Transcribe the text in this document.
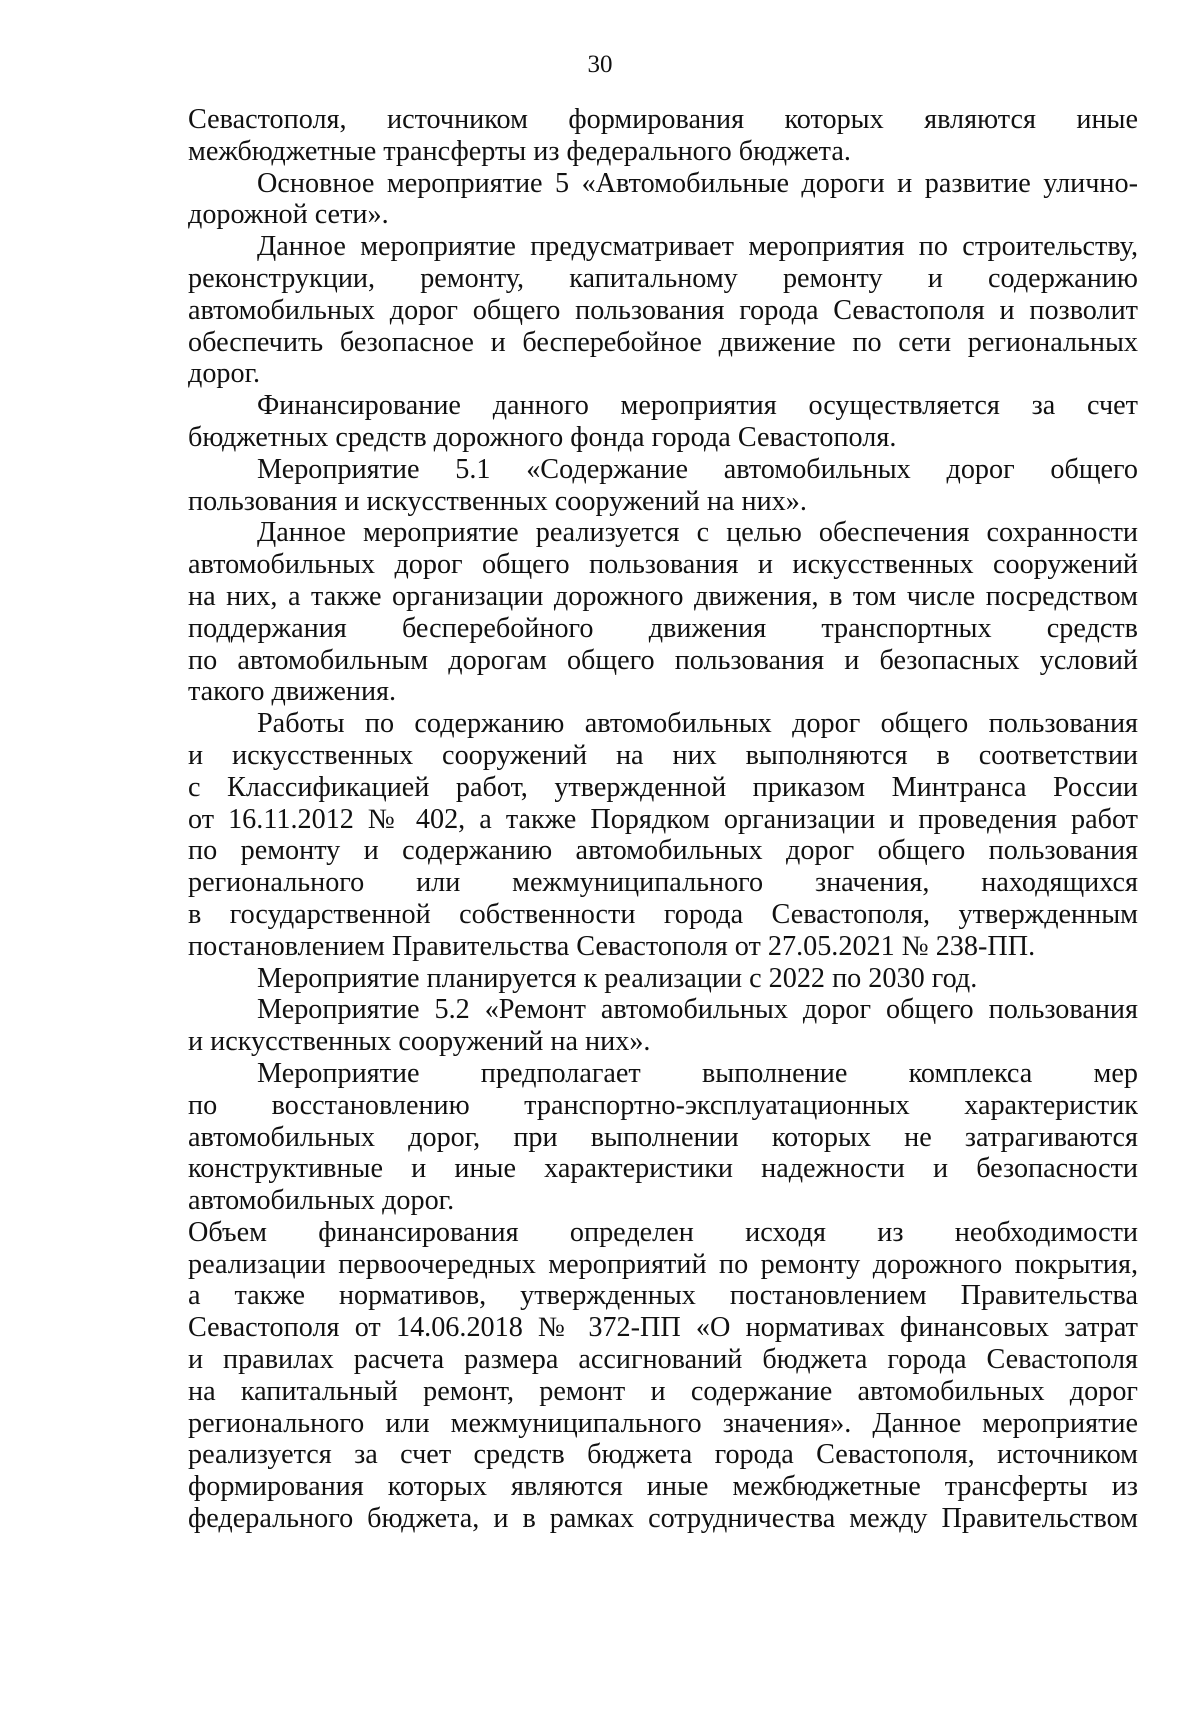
30
Севастополя, источником формирования которых являются иные
межбюджетные трансферты из федерального бюджета.
Основное мероприятие 5 «Автомобильные дороги и развитие улично-
дорожной сети».
Данное мероприятие предусматривает мероприятия по строительству,
реконструкции, ремонту, капитальному ремонту и содержанию
автомобильных дорог общего пользования города Севастополя и позволит
обеспечить безопасное и бесперебойное движение по сети региональных
дорог.
Финансирование данного мероприятия осуществляется за счет
бюджетных средств дорожного фонда города Севастополя.
Мероприятие 5.1 «Содержание автомобильных дорог общего
пользования и искусственных сооружений на них».
Данное мероприятие реализуется с целью обеспечения сохранности
автомобильных дорог общего пользования и искусственных сооружений
на них, а также организации дорожного движения, в том числе посредством
поддержания бесперебойного движения транспортных средств
по автомобильным дорогам общего пользования и безопасных условий
такого движения.
Работы по содержанию автомобильных дорог общего пользования
и искусственных сооружений на них выполняются в соответствии
с Классификацией работ, утвержденной приказом Минтранса России
от 16.11.2012 № 402, а также Порядком организации и проведения работ
по ремонту и содержанию автомобильных дорог общего пользования
регионального или межмуниципального значения, находящихся
в государственной собственности города Севастополя, утвержденным
постановлением Правительства Севастополя от 27.05.2021 № 238-ПП.
Мероприятие планируется к реализации с 2022 по 2030 год.
Мероприятие 5.2 «Ремонт автомобильных дорог общего пользования
и искусственных сооружений на них».
Мероприятие предполагает выполнение комплекса мер
по восстановлению транспортно-эксплуатационных характеристик
автомобильных дорог, при выполнении которых не затрагиваются
конструктивные и иные характеристики надежности и безопасности
автомобильных дорог.
Объем финансирования определен исходя из необходимости
реализации первоочередных мероприятий по ремонту дорожного покрытия,
а также нормативов, утвержденных постановлением Правительства
Севастополя от 14.06.2018 № 372-ПП «О нормативах финансовых затрат
и правилах расчета размера ассигнований бюджета города Севастополя
на капитальный ремонт, ремонт и содержание автомобильных дорог
регионального или межмуниципального значения». Данное мероприятие
реализуется за счет средств бюджета города Севастополя, источником
формирования которых являются иные межбюджетные трансферты из
федерального бюджета, и в рамках сотрудничества между Правительством
